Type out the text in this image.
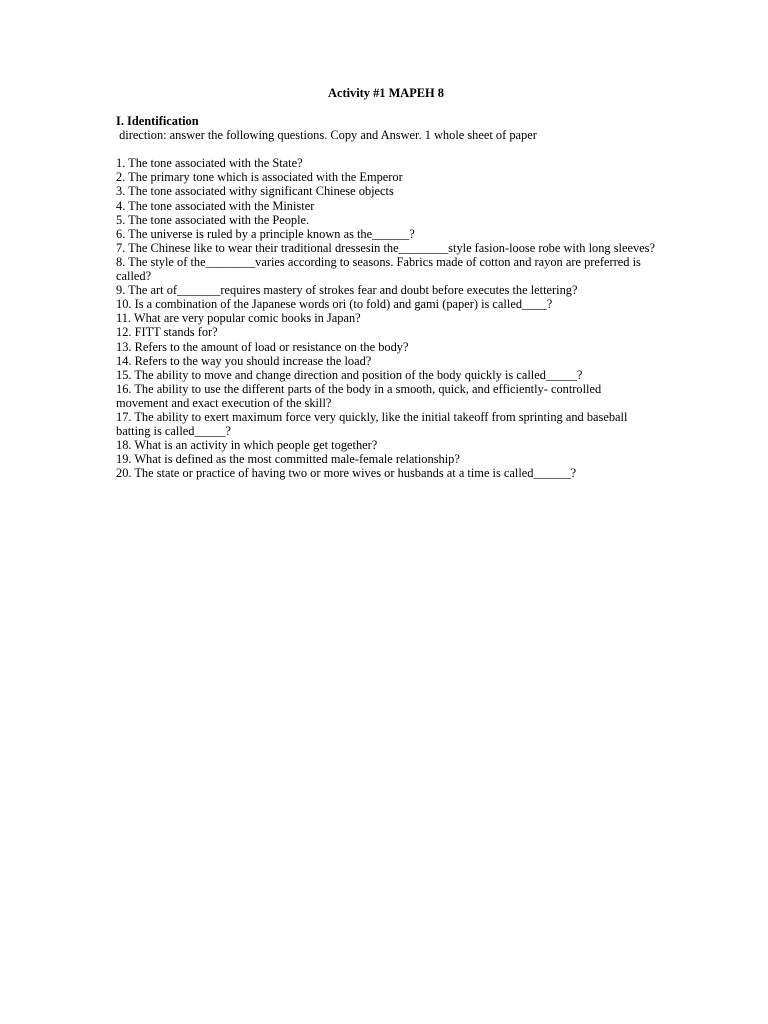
Activity #1 MAPEH 8
I. Identification
direction: answer the following questions. Copy and Answer. 1 whole sheet of paper
1. The tone associated with the State?
2. The primary tone which is associated with the Emperor
3. The tone associated withy significant Chinese objects
4. The tone associated with the Minister
5. The tone associated with the People.
6. The universe is ruled by a principle known as the______?
7. The Chinese like to wear their traditional dressesin the________style fasion-loose robe with long sleeves?
8. The style of the________varies according to seasons. Fabrics made of cotton and rayon are preferred is called?
9. The art of_______requires mastery of strokes fear and doubt before executes the lettering?
10. Is a combination of the Japanese words ori (to fold) and gami (paper) is called____?
11. What are very popular comic books in Japan?
12. FITT stands for?
13. Refers to the amount of load or resistance on the body?
14. Refers to the way you should increase the load?
15. The ability to move and change direction and position of the body quickly is called_____?
16. The ability to use the different parts of the body in a smooth, quick, and efficiently- controlled movement and exact execution of the skill?
17. The ability to exert maximum force very quickly, like the initial takeoff from sprinting and baseball batting is called_____?
18. What is an activity in which people get together?
19. What is defined as the most committed male-female relationship?
20. The state or practice of having two or more wives or husbands at a time is called______?
